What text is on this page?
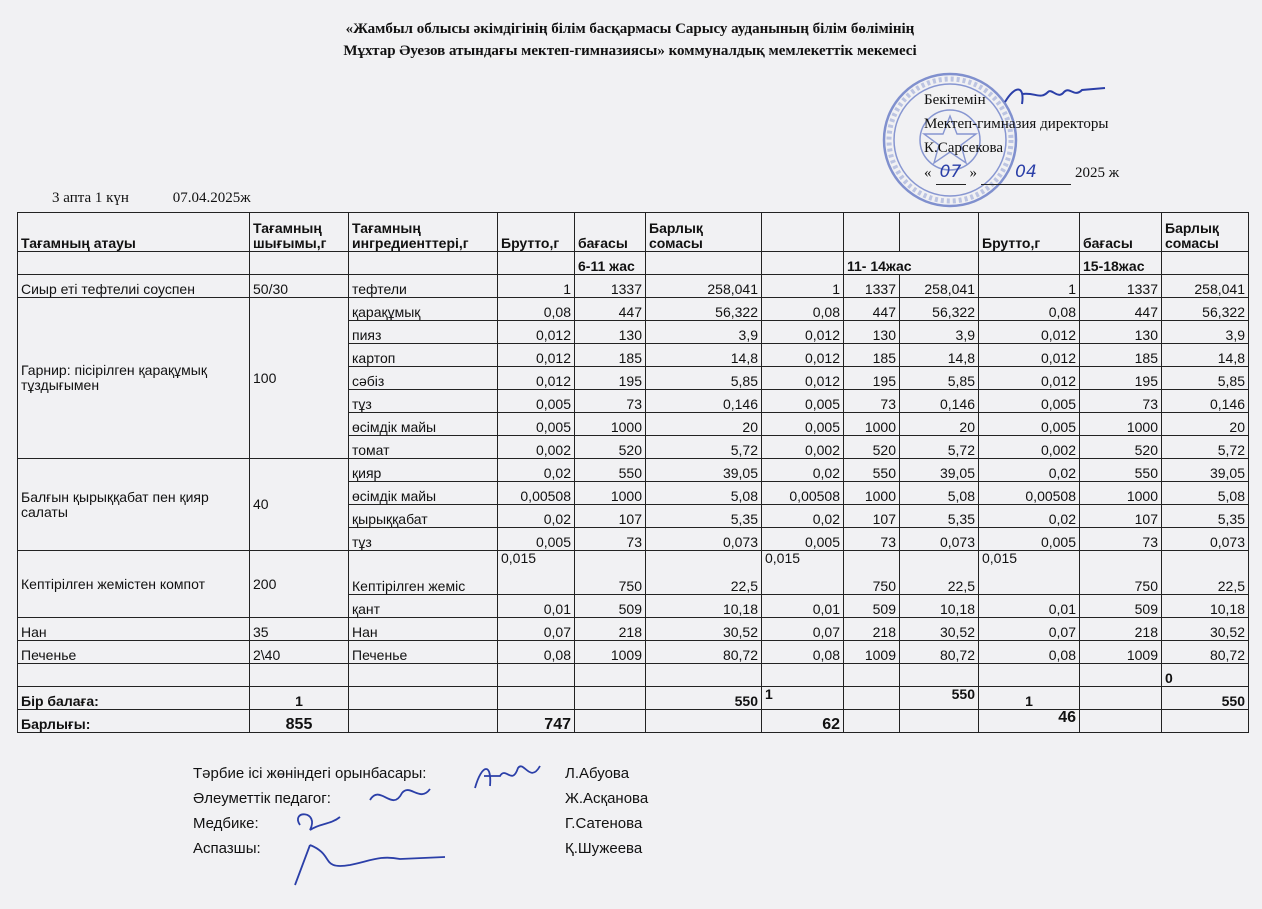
«Жамбыл облысы әкімдігінің білім басқармасы Сарысу ауданының білім бөлімінің
Мұхтар Әуезов атындағы мектеп-гимназиясы» коммуналдық мемлекеттік мекемесі
Бекітемін
Мектеп-гимназия директоры
К.Сарсекова
« 07 »	04	2025 ж
3 апта 1 күн	07.04.2025ж
Тағамның атауы	Тағамның шығымы,г	Тағамның ингредиенттері,г	Брутто,г	бағасы	Барлық сомасы				Брутто,г	бағасы	Барлық сомасы
				6-11 жас			11- 14жас			15-18жас	
Сиыр еті тефтелиі соуспен	50/30	тефтели	1	1337	258,041	1	1337	258,041	1	1337	258,041
Гарнир: пісірілген қарақұмық тұздығымен	100	қарақұмық	0,08	447	56,322	0,08	447	56,322	0,08	447	56,322
		пияз	0,012	130	3,9	0,012	130	3,9	0,012	130	3,9
		картоп	0,012	185	14,8	0,012	185	14,8	0,012	185	14,8
		сәбіз	0,012	195	5,85	0,012	195	5,85	0,012	195	5,85
		тұз	0,005	73	0,146	0,005	73	0,146	0,005	73	0,146
		өсімдік майы	0,005	1000	20	0,005	1000	20	0,005	1000	20
		томат	0,002	520	5,72	0,002	520	5,72	0,002	520	5,72
Балғын қырыққабат пен қияр салаты	40	қияр	0,02	550	39,05	0,02	550	39,05	0,02	550	39,05
		өсімдік майы	0,00508	1000	5,08	0,00508	1000	5,08	0,00508	1000	5,08
		қырыққабат	0,02	107	5,35	0,02	107	5,35	0,02	107	5,35
		тұз	0,005	73	0,073	0,005	73	0,073	0,005	73	0,073
Кептірілген жемістен компот	200	Кептірілген жеміс	0,015	750	22,5	0,015	750	22,5	0,015	750	22,5
		қант	0,01	509	10,18	0,01	509	10,18	0,01	509	10,18
Нан	35	Нан	0,07	218	30,52	0,07	218	30,52	0,07	218	30,52
Печенье	2\40	Печенье	0,08	1009	80,72	0,08	1009	80,72	0,08	1009	80,72
											0
Бір балаға:	1				550	1		550	1		550
Барлығы:	855		747			62			46		
Тәрбие ісі жөніндегі орынбасары:	Л.Абуова
Әлеуметтік педагог:	Ж.Асқанова
Медбике:	Г.Сатенова
Аспазшы:	Қ.Шужеева
